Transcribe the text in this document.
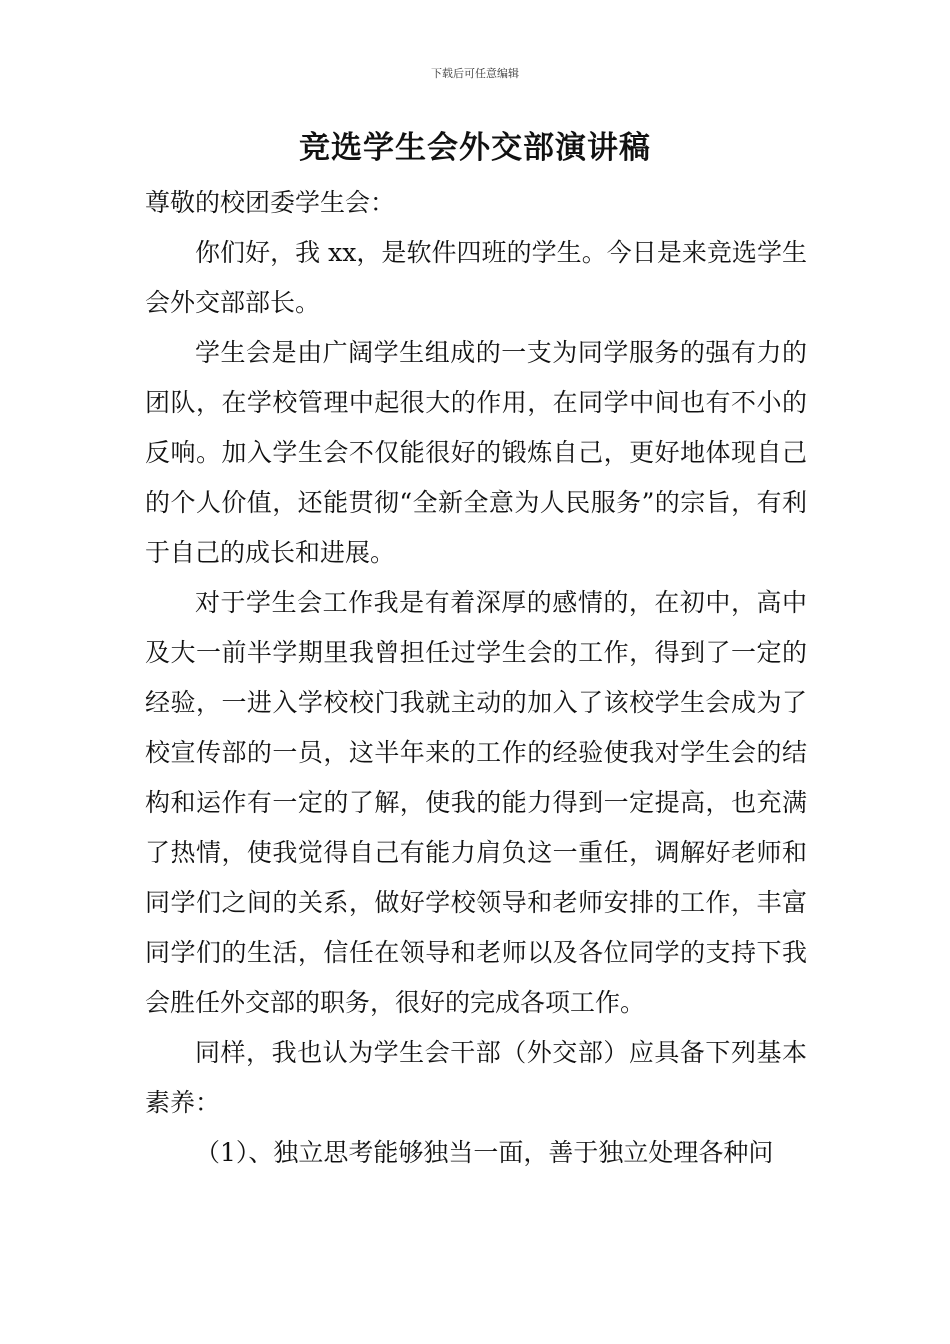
下载后可任意编辑
竞选学生会外交部演讲稿

尊敬的校团委学生会：

你们好，我 xx，是软件四班的学生。今日是来竞选学生会外交部部长。

学生会是由广阔学生组成的一支为同学服务的强有力的团队，在学校管理中起很大的作用，在同学中间也有不小的反响。加入学生会不仅能很好的锻炼自己，更好地体现自己的个人价值，还能贯彻“全新全意为人民服务”的宗旨，有利于自己的成长和进展。

对于学生会工作我是有着深厚的感情的，在初中，高中及大一前半学期里我曾担任过学生会的工作，得到了一定的经验，一进入学校校门我就主动的加入了该校学生会成为了校宣传部的一员，这半年来的工作的经验使我对学生会的结构和运作有一定的了解，使我的能力得到一定提高，也充满了热情，使我觉得自己有能力肩负这一重任，调解好老师和同学们之间的关系，做好学校领导和老师安排的工作，丰富同学们的生活，信任在领导和老师以及各位同学的支持下我会胜任外交部的职务，很好的完成各项工作。

同样，我也认为学生会干部（外交部）应具备下列基本素养：

（1）、独立思考能够独当一面，善于独立处理各种问
